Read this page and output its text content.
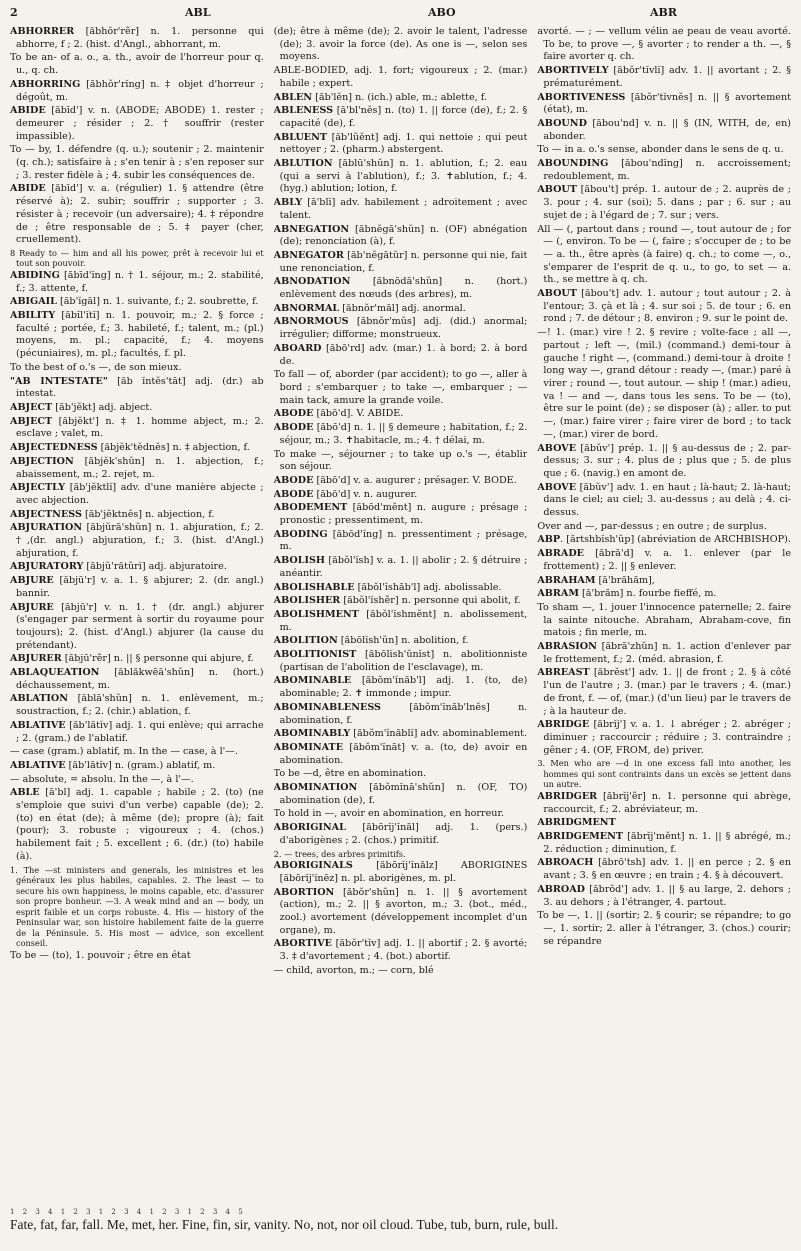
2	ABL	ABO	ABR

ABHORRER [ăbhŏr'rẽr] n. 1. personne qui abhorre, f ; 2. (hist. d'Angl., abhorrant, m.

To be an‑ of a. o., a. th., avoir de l'horreur pour q. u., q. ch.

ABHORRING [ăbhŏr'rĭng] n. ‡ objet d'horreur ; dégoût, m.

ABIDE [ăbīd'] v. n. (ABODE; ABODE) 1. rester ; demeurer ; résider ; 2. † souffrir (rester impassible).

To — by, 1. défendre (q. u.); soutenir ; 2. maintenir (q. ch.); satisfaire à ; s'en tenir à ; s'en reposer sur ; 3. rester fidèle à ; 4. subir les conséquences de.

ABIDE [ăbīd'] v. a. (régulier) 1. § attendre (être réservé à); 2. subir; souffrir ; supporter ; 3. résister à ; recevoir (un adversaire); 4. ‡ répondre de ; être responsable de ; 5. ‡ payer (cher, cruellement).

8 Ready to — him and all his power, prêt à recevoir lui et tout son pouvoir.

ABIDING [ăbīd'ĭng] n. † 1. séjour, m.; 2. stabilité, f.; 3. attente, f.

ABIGAIL [ăb'ĭgāl] n. 1. suivante, f.; 2. soubrette, f.

ABILITY [ăbĭl'ĭtĭ] n. 1. pouvoir, m.; 2. § force ; faculté ; portée, f.; 3. habileté, f.; talent, m.; (pl.) moyens, m. pl.; capacité, f.; 4. moyens (pécuniaires), m. pl.; facultés, f. pl.

To the best of o.'s —, de son mieux.

"AB INTESTATE" [ăb ĭntĕs'tāt] adj. (dr.) ab intestat.

ABJECT [ăb'jĕkt] adj. abject.

ABJECT [ăbjĕkt'] n. ‡ 1. homme abject, m.; 2. esclave ; valet, m.

ABJECTEDNESS [ăbjĕk'tĕdnĕs] n. ‡ abjection, f.

ABJECTION [ăbjĕk'shŭn] n. 1. abjection, f.; abaissement, m.; 2. rejet, m.

ABJECTLY [ăb'jĕktlĭ] adv. d'une manière abjecte ; avec abjection.

ABJECTNESS [ăb'jĕktnĕs] n. abjection, f.

ABJURATION [ăbjŭrā'shŭn] n. 1. abjuration, f.; 2. †,(dr. angl.) abjuration, f.; 3. (hist. d'Angl.) abjuration, f.

ABJURATORY [ăbjŭ'rătŭrĭ] adj. abjuratoire.

ABJURE [ăbjū'r] v. a. 1. § abjurer; 2. (dr. angl.) bannir.

ABJURE [ăbjū'r] v. n. 1. † (dr. angl.) abjurer (s'engager par serment à sortir du royaume pour toujours); 2. (hist. d'Angl.) abjurer (la cause du prétendant).

ABJURER [ăbjū'rẽr] n. || § personne qui abjure, f.

ABLAQUEATION [ăblăkwēā'shŭn] n. (hort.) déchaussement, m.

ABLATION [ăblā'shŭn] n. 1. enlèvement, m.; soustraction, f.; 2. (chir.) ablation, f.

ABLATIVE [ăb'lătĭv] adj. 1. qui enlève; qui arrache ; 2. (gram.) de l'ablatif.

— case (gram.) ablatif, m. In the — case, à l'—.

ABLATIVE [ăb'lătĭv] n. (gram.) ablatif, m.

— absolute, = absolu. In the —, à l'—.

ABLE [ā'bl] adj. 1. capable ; habile ; 2. (to) (ne s'emploie que suivi d'un verbe) capable (de); 2. (to) en état (de); à même (de); propre (à); fait (pour); 3. robuste ; vigoureux ; 4. (chos.) habilement fait ; 5. excellent ; 6. (dr.) (to) habile (à).

1. The —st ministers and generals, les ministres et les généraux les plus habiles, capables. 2. The least — to secure his own happiness, le moins capable, etc. d'assurer son propre bonheur. —3. A weak mind and an — body, un esprit faible et un corps robuste. 4. His — history of the Peninsular war, son histoire habilement faite de la guerre de la Péninsule. 5. His most — advice, son excellent conseil.

To be — (to), 1. pouvoir ; être en état

(de); être à même (de); 2. avoir le talent, l'adresse (de); 3. avoir la force (de). As one is —, selon ses moyens.

ABLE-BODIED, adj. 1. fort; vigoureux ; 2. (mar.) habile ; expert.

ABLEN [ăb'lĕn] n. (ich.) able, m.; ablette, f.

ABLENESS [ā'bl'nĕs] n. (to) 1. || force (de), f.; 2. § capacité (de), f.

ABLUENT [ăb'lŭĕnt] adj. 1. qui nettoie ; qui peut nettoyer ; 2. (pharm.) abstergent.

ABLUTION [ăblū'shŭn] n. 1. ablution, f.; 2. eau (qui a servi à l'ablution), f.; 3. ✝ablution, f.; 4. (hyg.) ablution; lotion, f.

ABLY [ā'blĭ] adv. habilement ; adroitement ; avec talent.

ABNEGATION [ăbnĕgā'shŭn] n. (OF) abnégation (de); renonciation (à), f.

ABNEGATOR [ăb'nĕgātŭr] n. personne qui nie, fait une renonciation, f.

ABNODATION [ăbnōdā'shŭn] n. (hort.) enlèvement des nœuds (des arbres), m.

ABNORMAL [ăbnŏr'măl] adj. anormal.

ABNORMOUS [ăbnŏr'mŭs] adj. (did.) anormal; irrégulier; difforme; monstrueux.

ABOARD [ăbō'rd] adv. (mar.) 1. à bord; 2. à bord de.

To fall — of, aborder (par accident); to go —, aller à bord ; s'embarquer ; to take —, embarquer ; — main tack, amure la grande voile.

ABODE [ăbō'd]. V. ABIDE.

ABODE [ăbō'd] n. 1. || § demeure ; habitation, f.; 2. séjour, m.; 3. ✝habitacle, m.; 4. † délai, m.

To make —, séjourner ; to take up o.'s —, établir son séjour.

ABODE [ăbō'd] v. a. augurer ; présager. V. BODE.

ABODE [ăbō'd] v. n. augurer.

ABODEMENT [ăbōd'mĕnt] n. augure ; présage ; pronostic ; pressentiment, m.

ABODING [ăbōd'ĭng] n. pressentiment ; présage, m.

ABOLISH [ăbŏl'ĭsh] v. a. 1. || abolir ; 2. § détruire ; anéantir.

ABOLISHABLE [ăbŏl'ĭshăb'l] adj. abolissable.

ABOLISHER [ăbŏl'ĭshẽr] n. personne qui abolit, f.

ABOLISHMENT [ăbŏl'ĭshmĕnt] n. abolissement, m.

ABOLITION [ăbōlĭsh'ŭn] n. abolition, f.

ABOLITIONIST [ăbōlĭsh'ŭnĭst] n. abolitionniste (partisan de l'abolition de l'esclavage), m.

ABOMINABLE [ăbŏm'ĭnăb'l] adj. 1. (to, de) abominable; 2. ✝ immonde ; impur.

ABOMINABLENESS [ăbŏm'ĭnăb'lnĕs] n. abomination, f.

ABOMINABLY [ăbŏm'ĭnăblĭ] adv. abominablement.

ABOMINATE [ăbŏm'ĭnāt] v. a. (to, de) avoir en abomination.

To be —d, être en abomination.

ABOMINATION [ăbŏmĭnā'shŭn] n. (OF, TO) abomination (de), f.

To hold in —, avoir en abomination, en horreur.

ABORIGINAL [ăbōrĭj'ĭnăl] adj. 1. (pers.) d'aborigènes ; 2. (chos.) primitif.

2. — trees, des arbres primitifs.

ABORIGINALS [ăbōrĭj'ĭnălz] ABORIGINES [ăbōrĭj'ĭnēz] n. pl. aborigènes, m. pl.

ABORTION [ăbŏr'shŭn] n. 1. || § avortement (action), m.; 2. || § avorton, m.; 3. (bot., méd., zool.) avortement (développement incomplet d'un organe), m.

ABORTIVE [ăbŏr'tĭv] adj. 1. || abortif ; 2. § avorté; 3. ‡ d'avortement ; 4. (bot.) abortif.

— child, avorton, m.; — corn, blé

avorté. — ; — vellum vélin ae peau de veau avorté. To be, to prove —, § avorter ; to render a th. —, § faire avorter q. ch.

ABORTIVELY [ăbŏr'tĭvlĭ] adv. 1. || avortant ; 2. § prématurément.

ABORTIVENESS [ăbŏr'tĭvnĕs] n. || § avortement (état), m.

ABOUND [ăbou'nd] v. n. || § (IN, WITH, de, en) abonder.

To — in a. o.'s sense, abonder dans le sens de q. u.

ABOUNDING [ăbou'ndĭng] n. accroissement; redoublement, m.

ABOUT [ăbou't] prép. 1. autour de ; 2. auprès de ; 3. pour ; 4. sur (soi); 5. dans ; par ; 6. sur ; au sujet de ; à l'égard de ; 7. sur ; vers.

All — (, partout dans ; round —, tout autour de ; for — (, environ. To be — (, faire ; s'occuper de ; to be — a. th., être après (à faire) q. ch.; to come —, o., s'emparer de l'esprit de q. u., to go, to set — a. th., se mettre à q. ch.

ABOUT [ăbou't] adv. 1. autour ; tout autour ; 2. à l'entour; 3. çà et là ; 4. sur soi ; 5. de tour ; 6. en rond ; 7. de détour ; 8. environ ; 9. sur le point de.

—! 1. (mar.) vire ! 2. § revire ; volte-face ; all —, partout ; left —, (mil.) (command.) demi-tour à gauche ! right —, (command.) demi-tour à droite ! long way —, grand détour : ready —, (mar.) paré à virer ; round —, tout autour. — ship ! (mar.) adieu, va ! — and —, dans tous les sens. To be — (to), être sur le point (de) ; se disposer (à) ; aller. to put —, (mar.) faire virer ; faire virer de bord ; to tack —, (mar.) virer de bord.

ABOVE [ăbŭv'] prép. 1. || § au-dessus de ; 2. par-dessus; 3. sur ; 4. plus de ; plus que ; 5. de plus que ; 6. (navig.) en amont de.

ABOVE [ăbŭv'] adv. 1. en haut ; là-haut; 2. là-haut; dans le ciel; au ciel; 3. au-dessus ; au delà ; 4. ci-dessus.

Over and —, par-dessus ; en outre ; de surplus.

ABP. [ărtshbĭsh'ŭp] (abréviation de ARCHBISHOP).

ABRADE [ăbrā'd] v. a. 1. enlever (par le frottement) ; 2. || § enlever.

ABRAHAM [ā'brăhăm],

ABRAM [ā'brăm] n. fourbe fieffé, m.

To sham —, 1. jouer l'innocence paternelle; 2. faire la sainte nitouche. Abraham, Abraham-cove, fin matois ; fin merle, m.

ABRASION [ăbrā'zhŭn] n. 1. action d'enlever par le frottement, f.; 2. (méd. abrasion, f.

ABREAST [ăbrĕst'] adv. 1. || de front ; 2. § à côté l'un de l'autre ; 3. (mar.) par le travers ; 4. (mar.) de front, f. — of, (mar.) (d'un lieu) par le travers de ; à la hauteur de.

ABRIDGE [ăbrĭj'] v. a. 1. ↓ abréger ; 2. abréger ; diminuer ; raccourcir ; réduire ; 3. contraindre ; gêner ; 4. (OF, FROM, de) priver.

3. Men who are —d in one excess fall into another, les hommes qui sont contraints dans un excès se jettent dans un autre.

ABRIDGER [ăbrĭj'ẽr] n. 1. personne qui abrège, raccourcit, f.; 2. abréviateur, m.

ABRIDGMENT

ABRIDGEMENT [ăbrĭj'mĕnt] n. 1. || § abrégé, m.; 2. réduction ; diminution, f.

ABROACH [ăbrō'tsh] adv. 1. || en perce ; 2. § en avant ; 3. § en œuvre ; en train ; 4. § à découvert.

ABROAD [ăbrŏd'] adv. 1. || § au large, 2. dehors ; 3. au dehors ; à l'étranger, 4. partout.

To be —, 1. || (sortir; 2. § courir; se répandre; to go —, 1. sortir; 2. aller à l'étranger, 3. (chos.) courir; se répandre

1 2 3 4 1 2 3 1 2 3 4 1 2 3 1 2 3 4 5
Fate, fat, far, fall. Me, met, her. Fine, fin, sir, vanity. No, not, nor oil cloud. Tube, tub, burn, rule, bull.
